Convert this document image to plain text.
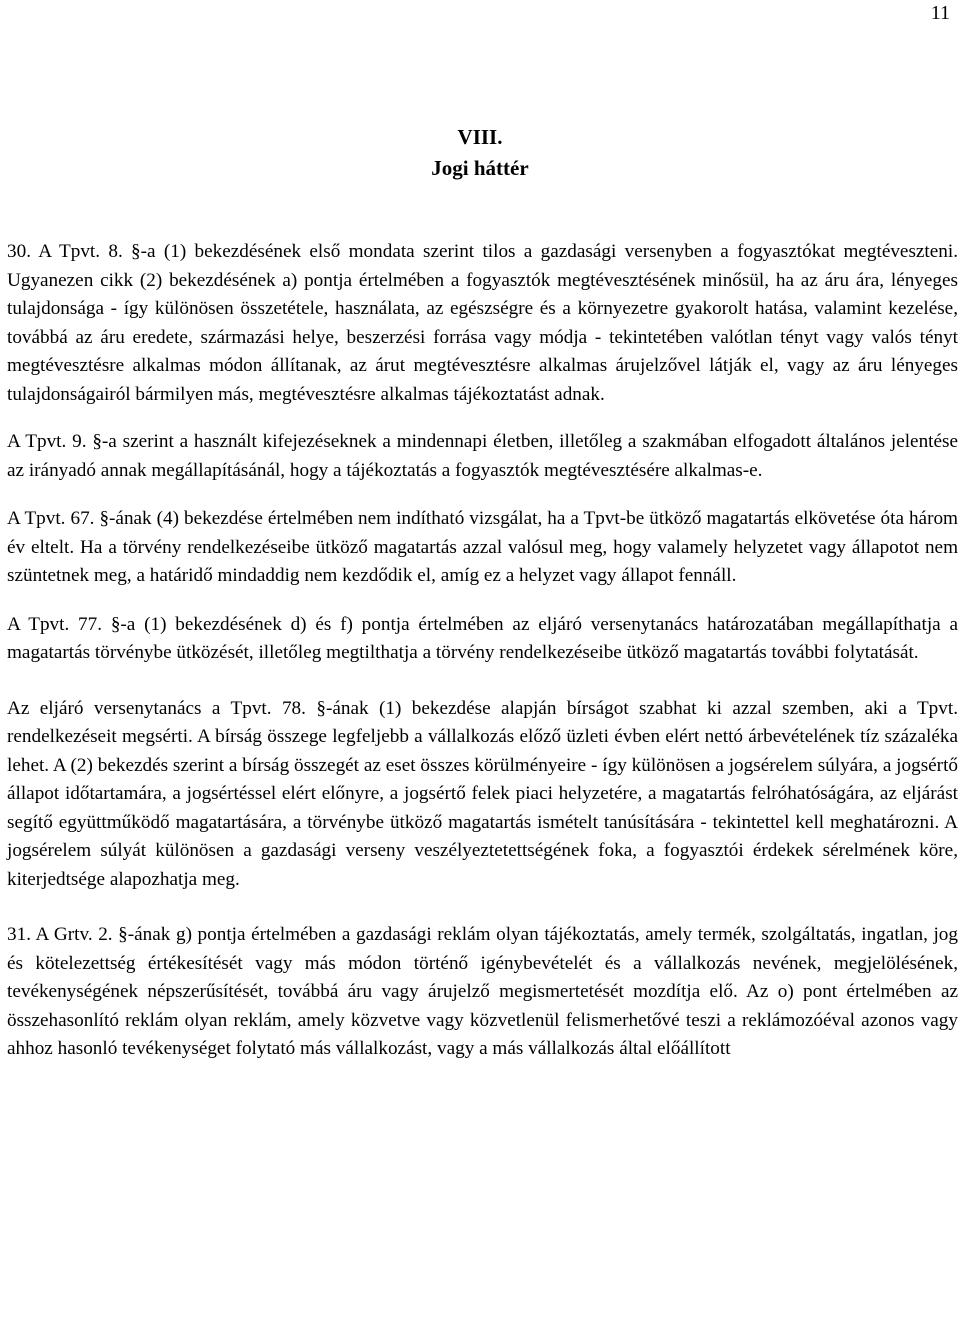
11
VIII.
Jogi háttér

30. A Tpvt. 8. §-a (1) bekezdésének első mondata szerint tilos a gazdasági versenyben a fogyasztókat megtéveszteni. Ugyanezen cikk (2) bekezdésének a) pontja értelmében a fogyasztók megtévesztésének minősül, ha az áru ára, lényeges tulajdonsága - így különösen összetétele, használata, az egészségre és a környezetre gyakorolt hatása, valamint kezelése, továbbá az áru eredete, származási helye, beszerzési forrása vagy módja - tekintetében valótlan tényt vagy valós tényt megtévesztésre alkalmas módon állítanak, az árut megtévesztésre alkalmas árujelzővel látják el, vagy az áru lényeges tulajdonságairól bármilyen más, megtévesztésre alkalmas tájékoztatást adnak.

A Tpvt. 9. §-a szerint a használt kifejezéseknek a mindennapi életben, illetőleg a szakmában elfogadott általános jelentése az irányadó annak megállapításánál, hogy a tájékoztatás a fogyasztók megtévesztésére alkalmas-e.

A Tpvt. 67. §-ának (4) bekezdése értelmében nem indítható vizsgálat, ha a Tpvt-be ütköző magatartás elkövetése óta három év eltelt. Ha a törvény rendelkezéseibe ütköző magatartás azzal valósul meg, hogy valamely helyzetet vagy állapotot nem szüntetnek meg, a határidő mindaddig nem kezdődik el, amíg ez a helyzet vagy állapot fennáll.

A Tpvt. 77. §-a (1) bekezdésének d) és f) pontja értelmében az eljáró versenytanács határozatában megállapíthatja a magatartás törvénybe ütközését, illetőleg megtilthatja a törvény rendelkezéseibe ütköző magatartás további folytatását.

Az eljáró versenytanács a Tpvt. 78. §-ának (1) bekezdése alapján bírságot szabhat ki azzal szemben, aki a Tpvt. rendelkezéseit megsérti. A bírság összege legfeljebb a vállalkozás előző üzleti évben elért nettó árbevételének tíz százaléka lehet. A (2) bekezdés szerint a bírság összegét az eset összes körülményeire - így különösen a jogsérelem súlyára, a jogsértő állapot időtartamára, a jogsértéssel elért előnyre, a jogsértő felek piaci helyzetére, a magatartás felróhatóságára, az eljárást segítő együttműködő magatartására, a törvénybe ütköző magatartás ismételt tanúsítására - tekintettel kell meghatározni. A jogsérelem súlyát különösen a gazdasági verseny veszélyeztetettségének foka, a fogyasztói érdekek sérelmének köre, kiterjedtsége alapozhatja meg.

31. A Grtv. 2. §-ának g) pontja értelmében a gazdasági reklám olyan tájékoztatás, amely termék, szolgáltatás, ingatlan, jog és kötelezettség értékesítését vagy más módon történő igénybevételét és a vállalkozás nevének, megjelölésének, tevékenységének népszerűsítését, továbbá áru vagy árujelző megismertetését mozdítja elő. Az o) pont értelmében az összehasonlító reklám olyan reklám, amely közvetve vagy közvetlenül felismerhetővé teszi a reklámozóéval azonos vagy ahhoz hasonló tevékenységet folytató más vállalkozást, vagy a más vállalkozás által előállított
